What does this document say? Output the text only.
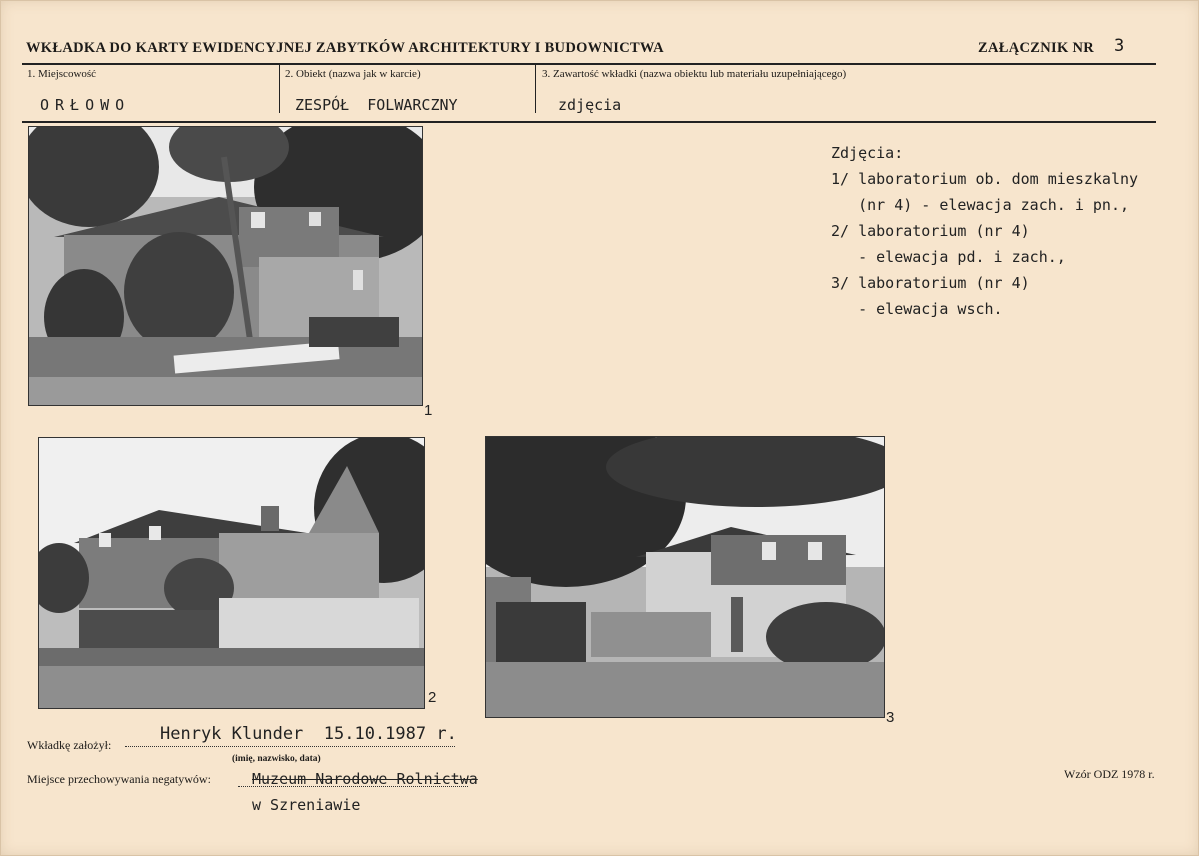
WKŁADKA DO KARTY EWIDENCYJNEJ ZABYTKÓW ARCHITEKTURY I BUDOWNICTWA	ZAŁĄCZNIK NR 3
1. Miejscowość
ORŁOWO
2. Obiekt (nazwa jak w karcie)
ZESPÓŁ  FOLWARCZNY
3. Zawartość wkładki (nazwa obiektu lub materiału uzupełniającego)
zdjęcia
1
2
3
Zdjęcia:
1/ laboratorium ob. dom mieszkalny
(nr 4) - elewacja zach. i pn.,
2/ laboratorium (nr 4)
- elewacja pd. i zach.,
3/ laboratorium (nr 4)
- elewacja wsch.
Wkładkę założył:
Henryk Klunder  15.10.1987 r.
(imię, nazwisko, data)
Miejsce przechowywania negatywów:	Muzeum Narodowe Rolnictwa
w Szreniawie
Wzór ODZ 1978 r.
